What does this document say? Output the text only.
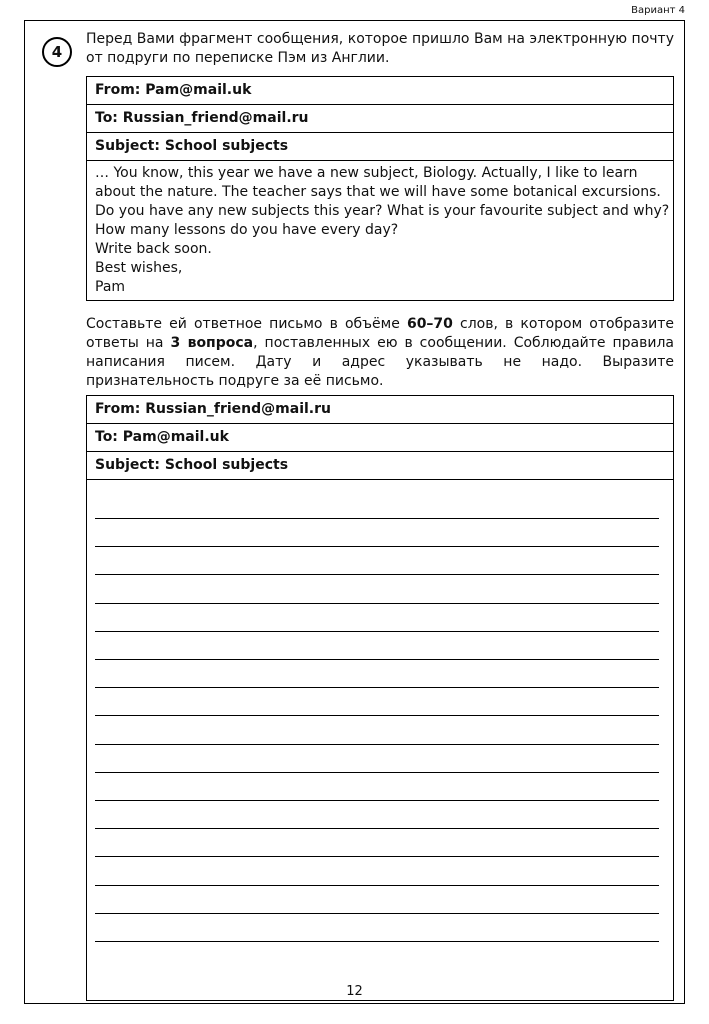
Вариант 4
4

Перед Вами фрагмент сообщения, которое пришло Вам на электронную почту от подруги по переписке Пэм из Англии.

From: Pam@mail.uk
To: Russian_friend@mail.ru
Subject: School subjects
… You know, this year we have a new subject, Biology. Actually, I like to learn
about the nature. The teacher says that we will have some botanical excursions.
Do you have any new subjects this year? What is your favourite subject and why?
How many lessons do you have every day?
Write back soon.
Best wishes,
Pam

Составьте ей ответное письмо в объёме 60–70 слов, в котором отобразите ответы на 3 вопроса, поставленных ею в сообщении. Соблюдайте правила написания писем. Дату и адрес указывать не надо. Выразите признательность подруге за её письмо.

From: Russian_friend@mail.ru
To: Pam@mail.uk
Subject: School subjects
12
